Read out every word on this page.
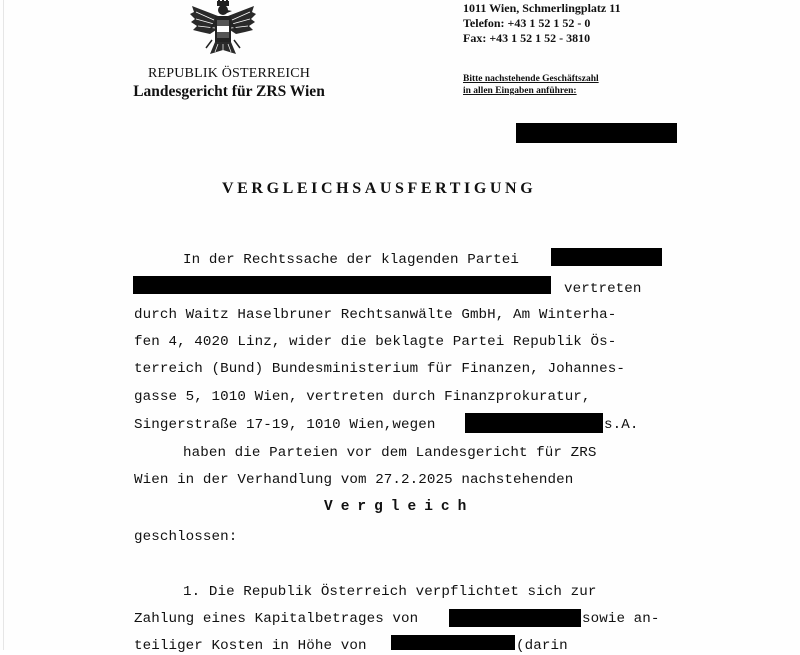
REPUBLIK ÖSTERREICH
Landesgericht für ZRS Wien
1011 Wien, Schmerlingplatz 11
Telefon: +43 1 52 1 52 - 0
Fax: +43 1 52 1 52 - 3810
Bitte nachstehende Geschäftszahl
in allen Eingaben anführen:
VERGLEICHSAUSFERTIGUNG
In der Rechtssache der klagenden Partei
vertreten
durch Waitz Haselbruner Rechtsanwälte GmbH, Am Winterha-
fen 4, 4020 Linz, wider die beklagte Partei Republik Ös-
terreich (Bund) Bundesministerium für Finanzen, Johannes-
gasse 5, 1010 Wien, vertreten durch Finanzprokuratur,
Singerstraße 17-19, 1010 Wien,wegen	s.A.
haben die Parteien vor dem Landesgericht für ZRS
Wien in der Verhandlung vom 27.2.2025 nachstehenden
Vergleich
geschlossen:
1. Die Republik Österreich verpflichtet sich zur
Zahlung eines Kapitalbetrages von	sowie an-
teiliger Kosten in Höhe von	(darin
